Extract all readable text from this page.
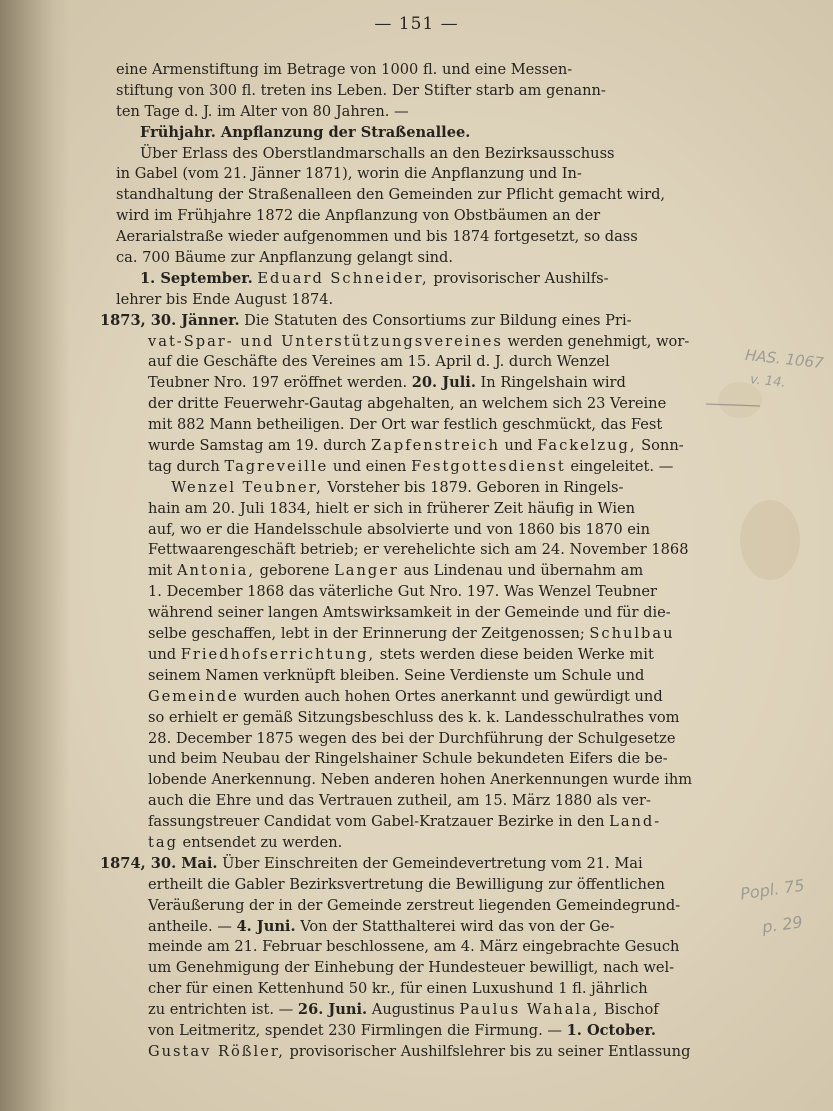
— 151 —
eine Armenstiftung im Betrage von 1000 fl. und eine Messen-
stiftung von 300 fl. treten ins Leben. Der Stifter starb am genann-
ten Tage d. J. im Alter von 80 Jahren. —
Frühjahr. Anpflanzung der Straßenallee.
Über Erlass des Oberstlandmarschalls an den Bezirksausschuss
in Gabel (vom 21. Jänner 1871), worin die Anpflanzung und In-
standhaltung der Straßenalleen den Gemeinden zur Pflicht gemacht wird,
wird im Frühjahre 1872 die Anpflanzung von Obstbäumen an der
Aerarialstraße wieder aufgenommen und bis 1874 fortgesetzt, so dass
ca. 700 Bäume zur Anpflanzung gelangt sind.
1. September. Eduard Schneider, provisorischer Aushilfs-
lehrer bis Ende August 1874.
1873, 30. Jänner. Die Statuten des Consortiums zur Bildung eines Pri-
vat-Spar- und Unterstützungsvereines werden genehmigt, wor-
auf die Geschäfte des Vereines am 15. April d. J. durch Wenzel
Teubner Nro. 197 eröffnet werden. 20. Juli. In Ringelshain wird
der dritte Feuerwehr-Gautag abgehalten, an welchem sich 23 Vereine
mit 882 Mann betheiligen. Der Ort war festlich geschmückt, das Fest
wurde Samstag am 19. durch Zapfenstreich und Fackelzug, Sonn-
tag durch Tagreveille und einen Festgottesdienst eingeleitet. —
Wenzel Teubner, Vorsteher bis 1879. Geboren in Ringels-
hain am 20. Juli 1834, hielt er sich in früherer Zeit häufig in Wien
auf, wo er die Handelsschule absolvierte und von 1860 bis 1870 ein
Fettwaarengeschäft betrieb; er verehelichte sich am 24. November 1868
mit Antonia, geborene Langer aus Lindenau und übernahm am
1. December 1868 das väterliche Gut Nro. 197. Was Wenzel Teubner
während seiner langen Amtswirksamkeit in der Gemeinde und für die-
selbe geschaffen, lebt in der Erinnerung der Zeitgenossen; Schulbau
und Friedhofserrichtung, stets werden diese beiden Werke mit
seinem Namen verknüpft bleiben. Seine Verdienste um Schule und
Gemeinde wurden auch hohen Ortes anerkannt und gewürdigt und
so erhielt er gemäß Sitzungsbeschluss des k. k. Landesschulrathes vom
28. December 1875 wegen des bei der Durchführung der Schulgesetze
und beim Neubau der Ringelshainer Schule bekundeten Eifers die be-
lobende Anerkennung. Neben anderen hohen Anerkennungen wurde ihm
auch die Ehre und das Vertrauen zutheil, am 15. März 1880 als ver-
fassungstreuer Candidat vom Gabel-Kratzauer Bezirke in den Land-
tag entsendet zu werden.
1874, 30. Mai. Über Einschreiten der Gemeindevertretung vom 21. Mai
ertheilt die Gabler Bezirksvertretung die Bewilligung zur öffentlichen
Veräußerung der in der Gemeinde zerstreut liegenden Gemeindegrund-
antheile. — 4. Juni. Von der Statthalterei wird das von der Ge-
meinde am 21. Februar beschlossene, am 4. März eingebrachte Gesuch
um Genehmigung der Einhebung der Hundesteuer bewilligt, nach wel-
cher für einen Kettenhund 50 kr., für einen Luxushund 1 fl. jährlich
zu entrichten ist. — 26. Juni. Augustinus Paulus Wahala, Bischof
von Leitmeritz, spendet 230 Firmlingen die Firmung. — 1. October.
Gustav Rößler, provisorischer Aushilfslehrer bis zu seiner Entlassung
HAS. 1067
v. 14.
Popl. 75
p. 29
